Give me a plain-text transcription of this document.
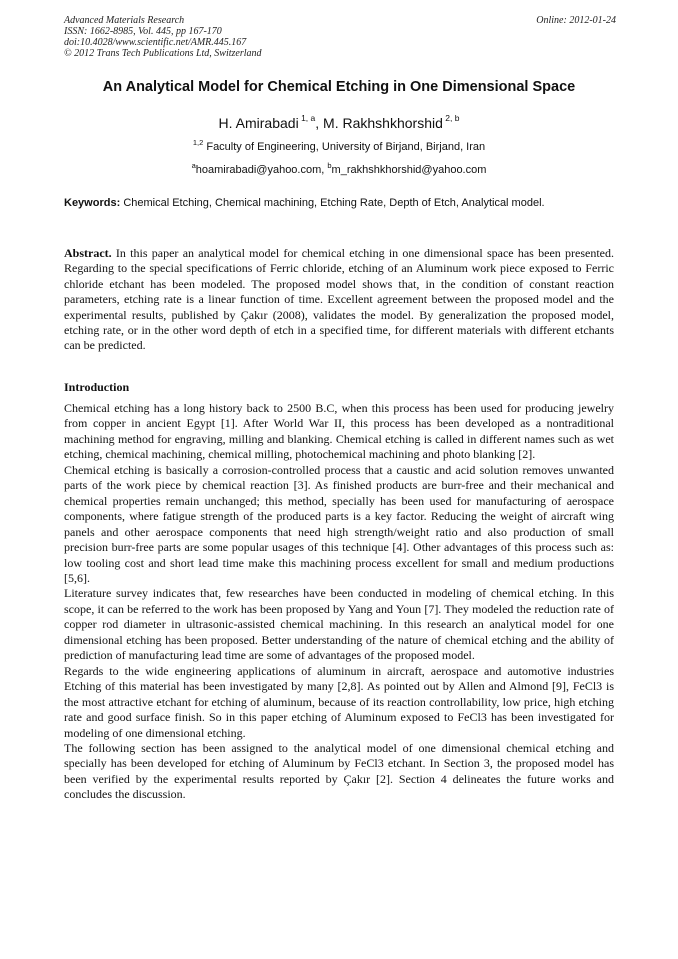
Advanced Materials Research
ISSN: 1662-8985, Vol. 445, pp 167-170
doi:10.4028/www.scientific.net/AMR.445.167
© 2012 Trans Tech Publications Ltd, Switzerland
Online: 2012-01-24
An Analytical Model for Chemical Etching in One Dimensional Space
H. Amirabadi $^{1, a}$, M. Rakhshkhorshid $^{2, b}$
$^{1,2}$ Faculty of Engineering, University of Birjand, Birjand, Iran
$^a$hoamirabadi@yahoo.com, $^b$m_rakhshkhorshid@yahoo.com
Keywords: Chemical Etching, Chemical machining, Etching Rate, Depth of Etch, Analytical model.
Abstract. In this paper an analytical model for chemical etching in one dimensional space has been presented. Regarding to the special specifications of Ferric chloride, etching of an Aluminum work piece exposed to Ferric chloride etchant has been modeled. The proposed model shows that, in the condition of constant reaction parameters, etching rate is a linear function of time. Excellent agreement between the proposed model and the experimental results, published by Çakır (2008), validates the model. By generalization the proposed model, etching rate, or in the other word depth of etch in a specified time, for different materials with different etchants can be predicted.
Introduction

Chemical etching has a long history back to 2500 B.C, when this process has been used for producing jewelry from copper in ancient Egypt [1]. After World War II, this process has been developed as a nontraditional machining method for engraving, milling and blanking. Chemical etching is called in different names such as wet etching, chemical machining, chemical milling, photochemical machining and photo blanking [2].

Chemical etching is basically a corrosion-controlled process that a caustic and acid solution removes unwanted parts of the work piece by chemical reaction [3]. As finished products are burr-free and their mechanical and chemical properties remain unchanged; this method, specially has been used for manufacturing of aerospace components, where fatigue strength of the produced parts is a key factor. Reducing the weight of aircraft wing panels and other aerospace components that need high strength/weight ratio and also production of small precision burr-free parts are some popular usages of this technique [4]. Other advantages of this process such as: low tooling cost and short lead time make this machining process excellent for small and medium productions [5,6].

Literature survey indicates that, few researches have been conducted in modeling of chemical etching. In this scope, it can be referred to the work has been proposed by Yang and Youn [7]. They modeled the reduction rate of copper rod diameter in ultrasonic-assisted chemical machining. In this research an analytical model for one dimensional etching has been proposed. Better understanding of the nature of chemical etching and the ability of prediction of manufacturing lead time are some of advantages of the proposed model.

Regards to the wide engineering applications of aluminum in aircraft, aerospace and automotive industries Etching of this material has been investigated by many [2,8]. As pointed out by Allen and Almond [9], FeCl3 is the most attractive etchant for etching of aluminum, because of its reaction controllability, low price, high etching rate and good surface finish. So in this paper etching of Aluminum exposed to FeCl3 has been investigated for modeling of one dimensional etching.

The following section has been assigned to the analytical model of one dimensional chemical etching and specially has been developed for etching of Aluminum by FeCl3 etchant. In Section 3, the proposed model has been verified by the experimental results reported by Çakır [2]. Section 4 delineates the future works and concludes the discussion.
